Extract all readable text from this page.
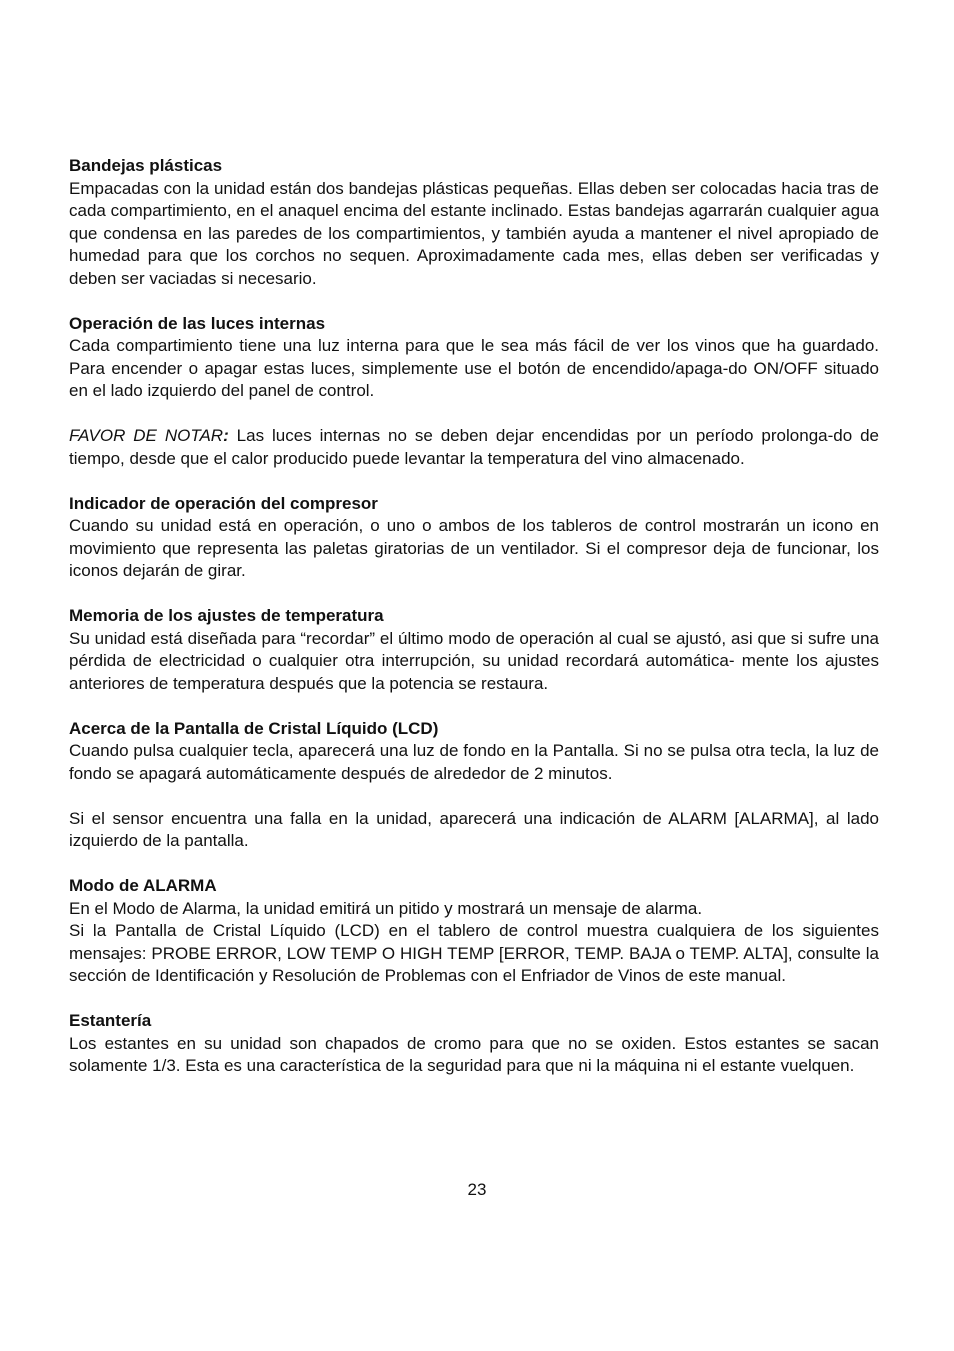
Bandejas plásticas

Empacadas con la unidad están dos bandejas plásticas pequeñas. Ellas deben ser colocadas hacia tras de cada compartimiento, en el anaquel encima del estante inclinado. Estas bandejas agarrarán cualquier agua que condensa en las paredes de los compartimientos, y también ayuda a mantener el nivel apropiado de humedad para que los corchos no sequen. Aproximadamente cada mes, ellas deben ser verificadas y deben ser vaciadas si necesario.

Operación de las luces internas

Cada compartimiento tiene una luz interna para que le sea más fácil de ver los vinos que ha guardado. Para encender o apagar estas luces, simplemente use el botón de encendido/apaga-do ON/OFF situado en el lado izquierdo del panel de control.

FAVOR DE NOTAR: Las luces internas no se deben dejar encendidas por un período prolonga-do de tiempo, desde que el calor producido puede levantar la temperatura del vino almacenado.

Indicador de operación del compresor

Cuando su unidad está en operación, o uno o ambos de los tableros de control mostrarán un icono en movimiento que representa las paletas giratorias de un ventilador. Si el compresor deja de funcionar, los iconos dejarán de girar.

Memoria de los ajustes de temperatura

Su unidad está diseñada para “recordar” el último modo de operación al cual se ajustó, asi que si sufre una pérdida de electricidad o cualquier otra interrupción, su unidad recordará automática- mente los ajustes anteriores de temperatura después que la potencia se restaura.

Acerca de la Pantalla de Cristal Líquido (LCD)

Cuando pulsa cualquier tecla, aparecerá una luz de fondo en la Pantalla. Si no se pulsa otra tecla, la luz de fondo se apagará automáticamente después de alrededor de 2 minutos.

Si el sensor encuentra una falla en la unidad, aparecerá una indicación de ALARM [ALARMA], al lado izquierdo de la pantalla.

Modo de ALARMA

En el Modo de Alarma, la unidad emitirá un pitido y mostrará un mensaje de alarma.

Si la Pantalla de Cristal Líquido (LCD) en el tablero de control muestra cualquiera de los siguientes mensajes: PROBE ERROR, LOW TEMP O HIGH TEMP [ERROR, TEMP. BAJA o TEMP. ALTA], consulte la sección de Identificación y Resolución de Problemas con el Enfriador de Vinos de este manual.

Estantería

Los estantes en su unidad son chapados de cromo para que no se oxiden. Estos estantes se sacan solamente 1/3. Esta es una característica de la seguridad para que ni la máquina ni el estante vuelquen.

23
